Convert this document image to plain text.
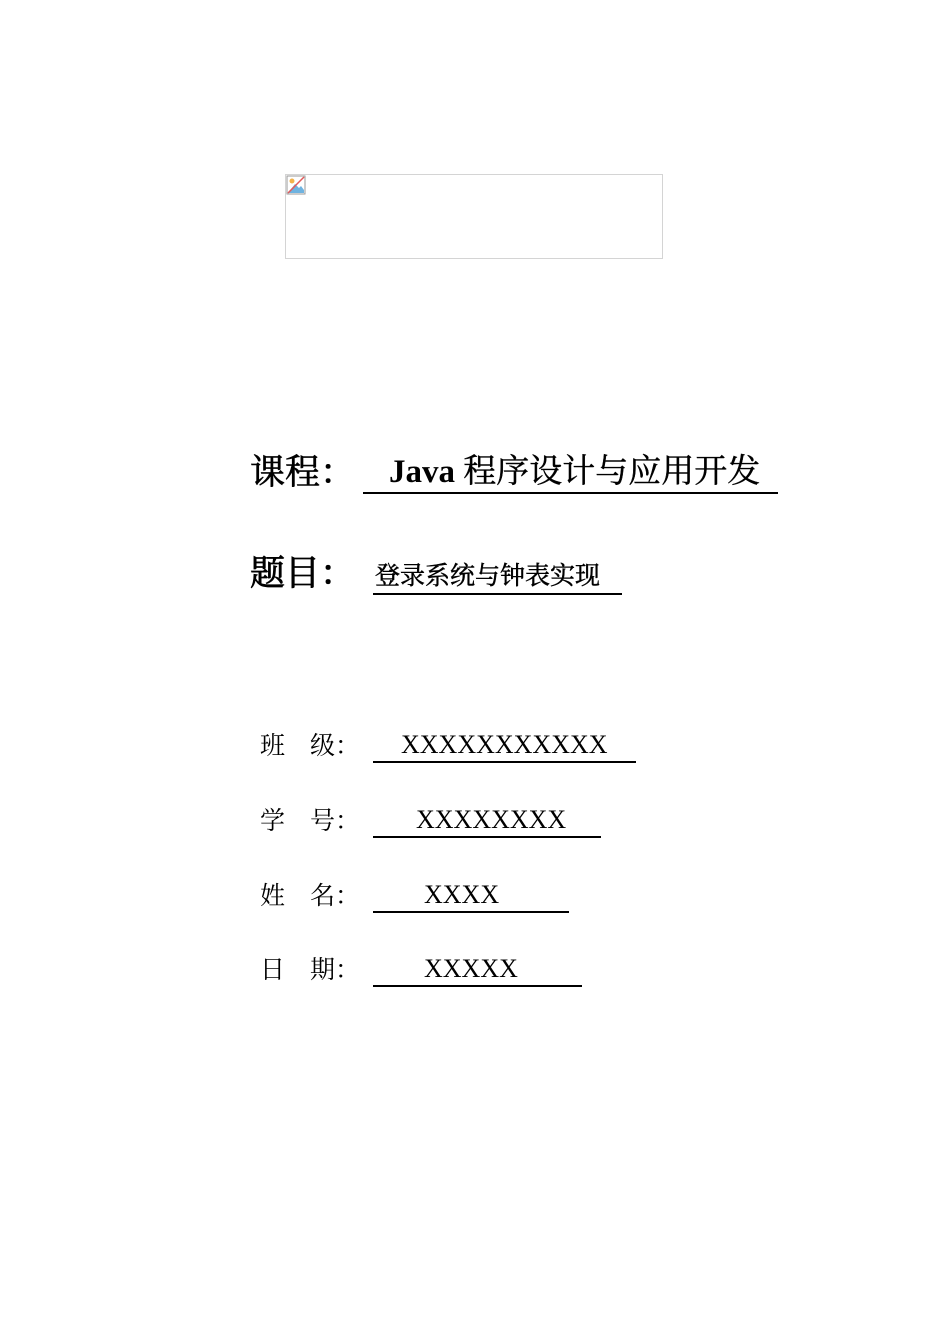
课程：	Java 程序设计与应用开发
题目： 登录系统与钟表实现
班　级：	XXXXXXXXXXX
学　号：	XXXXXXXX
姓　名：	XXXX
日　期：	XXXXX
